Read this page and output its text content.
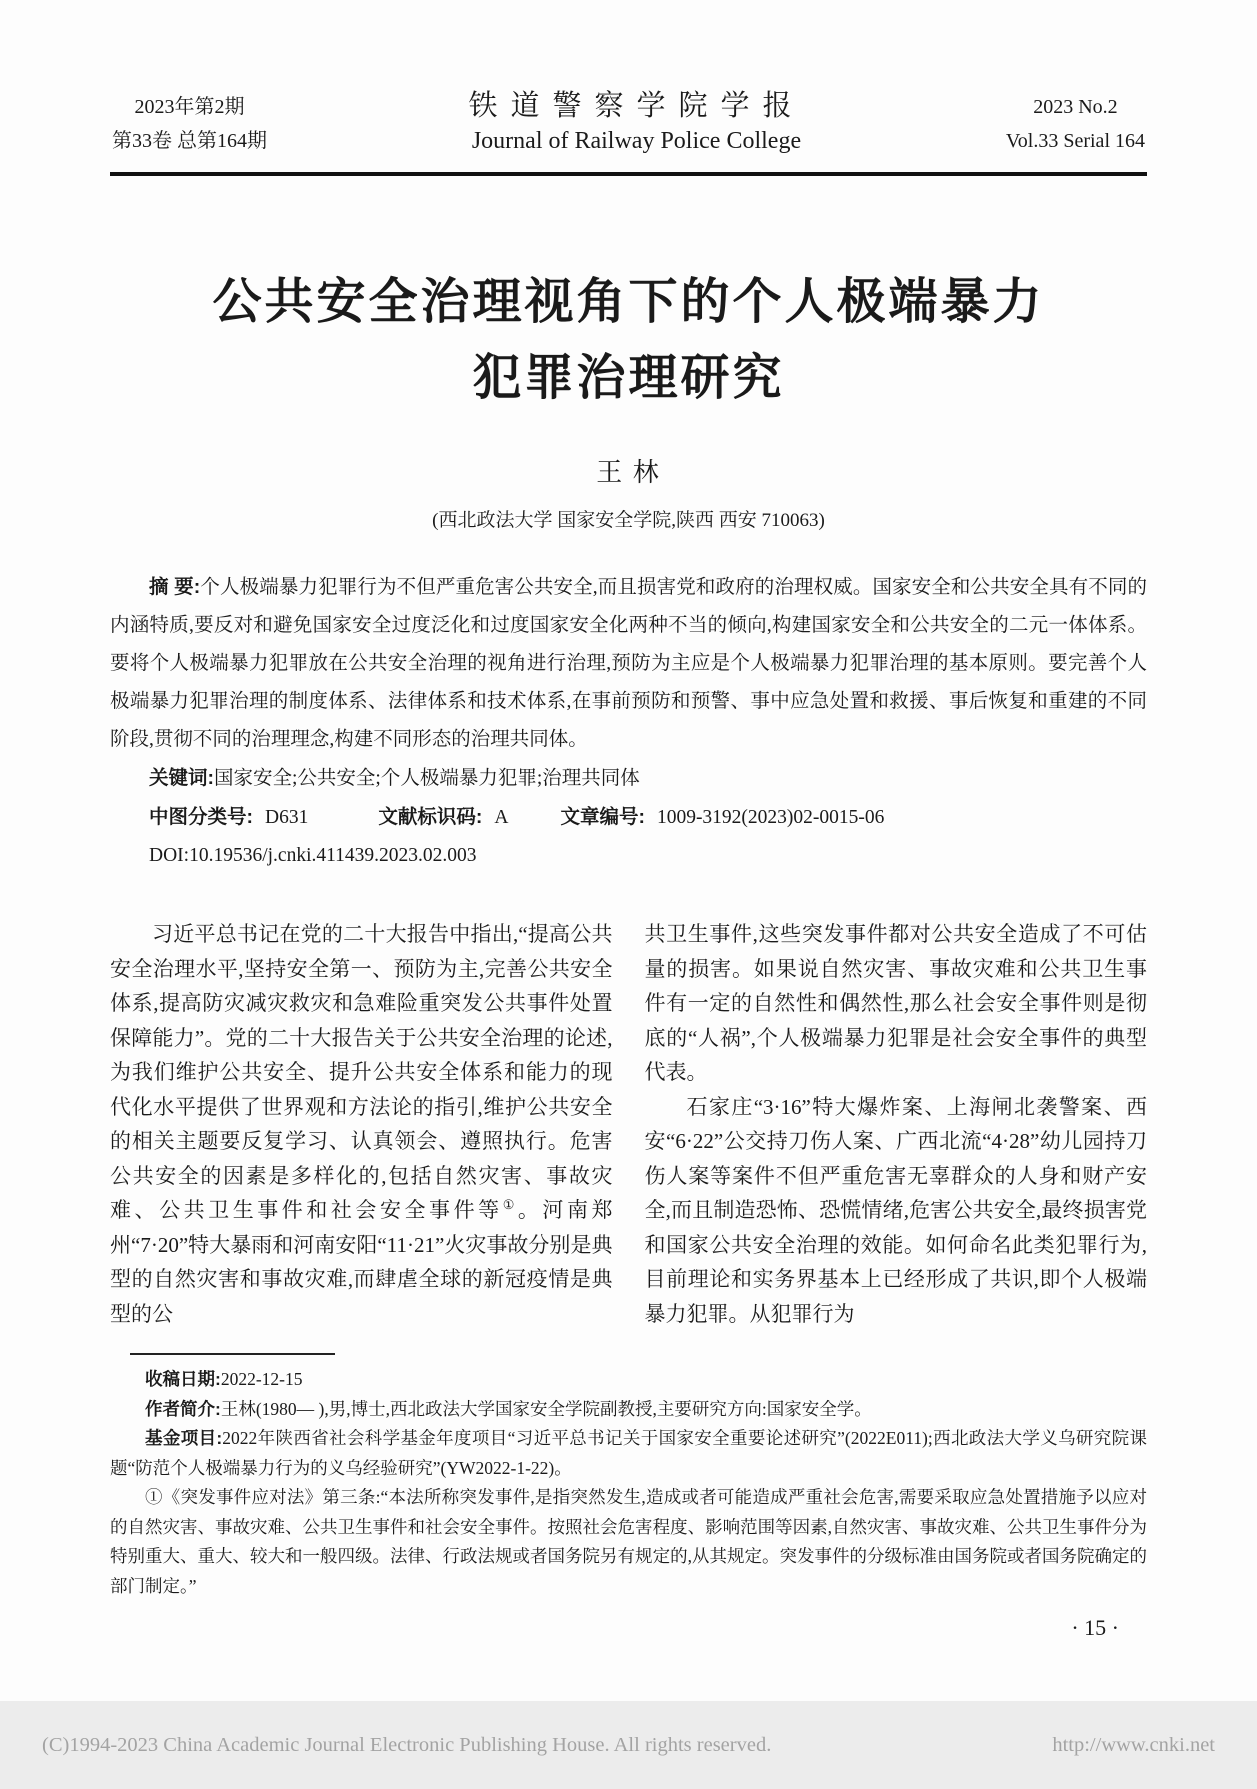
2023年第2期
第33卷 总第164期
铁道警察学院学报
Journal of Railway Police College
2023 No.2
Vol.33 Serial 164
公共安全治理视角下的个人极端暴力
犯罪治理研究
王 林
(西北政法大学 国家安全学院,陕西 西安 710063)

摘 要:个人极端暴力犯罪行为不但严重危害公共安全,而且损害党和政府的治理权威。国家安全和公共安全具有不同的内涵特质,要反对和避免国家安全过度泛化和过度国家安全化两种不当的倾向,构建国家安全和公共安全的二元一体体系。要将个人极端暴力犯罪放在公共安全治理的视角进行治理,预防为主应是个人极端暴力犯罪治理的基本原则。要完善个人极端暴力犯罪治理的制度体系、法律体系和技术体系,在事前预防和预警、事中应急处置和救援、事后恢复和重建的不同阶段,贯彻不同的治理理念,构建不同形态的治理共同体。

关键词:国家安全;公共安全;个人极端暴力犯罪;治理共同体

中图分类号: D631	文献标识码: A	文章编号: 1009-3192(2023)02-0015-06

DOI:10.19536/j.cnki.411439.2023.02.003

习近平总书记在党的二十大报告中指出,“提高公共安全治理水平,坚持安全第一、预防为主,完善公共安全体系,提高防灾减灾救灾和急难险重突发公共事件处置保障能力”。党的二十大报告关于公共安全治理的论述,为我们维护公共安全、提升公共安全体系和能力的现代化水平提供了世界观和方法论的指引,维护公共安全的相关主题要反复学习、认真领会、遵照执行。危害公共安全的因素是多样化的,包括自然灾害、事故灾难、公共卫生事件和社会安全事件等①。河南郑州“7·20”特大暴雨和河南安阳“11·21”火灾事故分别是典型的自然灾害和事故灾难,而肆虐全球的新冠疫情是典型的公

共卫生事件,这些突发事件都对公共安全造成了不可估量的损害。如果说自然灾害、事故灾难和公共卫生事件有一定的自然性和偶然性,那么社会安全事件则是彻底的“人祸”,个人极端暴力犯罪是社会安全事件的典型代表。

石家庄“3·16”特大爆炸案、上海闸北袭警案、西安“6·22”公交持刀伤人案、广西北流“4·28”幼儿园持刀伤人案等案件不但严重危害无辜群众的人身和财产安全,而且制造恐怖、恐慌情绪,危害公共安全,最终损害党和国家公共安全治理的效能。如何命名此类犯罪行为,目前理论和实务界基本上已经形成了共识,即个人极端暴力犯罪。从犯罪行为

收稿日期:2022-12-15

作者简介:王林(1980— ),男,博士,西北政法大学国家安全学院副教授,主要研究方向:国家安全学。

基金项目:2022年陕西省社会科学基金年度项目“习近平总书记关于国家安全重要论述研究”(2022E011);西北政法大学义乌研究院课题“防范个人极端暴力行为的义乌经验研究”(YW2022-1-22)。

①《突发事件应对法》第三条:“本法所称突发事件,是指突然发生,造成或者可能造成严重社会危害,需要采取应急处置措施予以应对的自然灾害、事故灾难、公共卫生事件和社会安全事件。按照社会危害程度、影响范围等因素,自然灾害、事故灾难、公共卫生事件分为特别重大、重大、较大和一般四级。法律、行政法规或者国务院另有规定的,从其规定。突发事件的分级标准由国务院或者国务院确定的部门制定。”

· 15 ·
(C)1994-2023 China Academic Journal Electronic Publishing House. All rights reserved.	http://www.cnki.net
